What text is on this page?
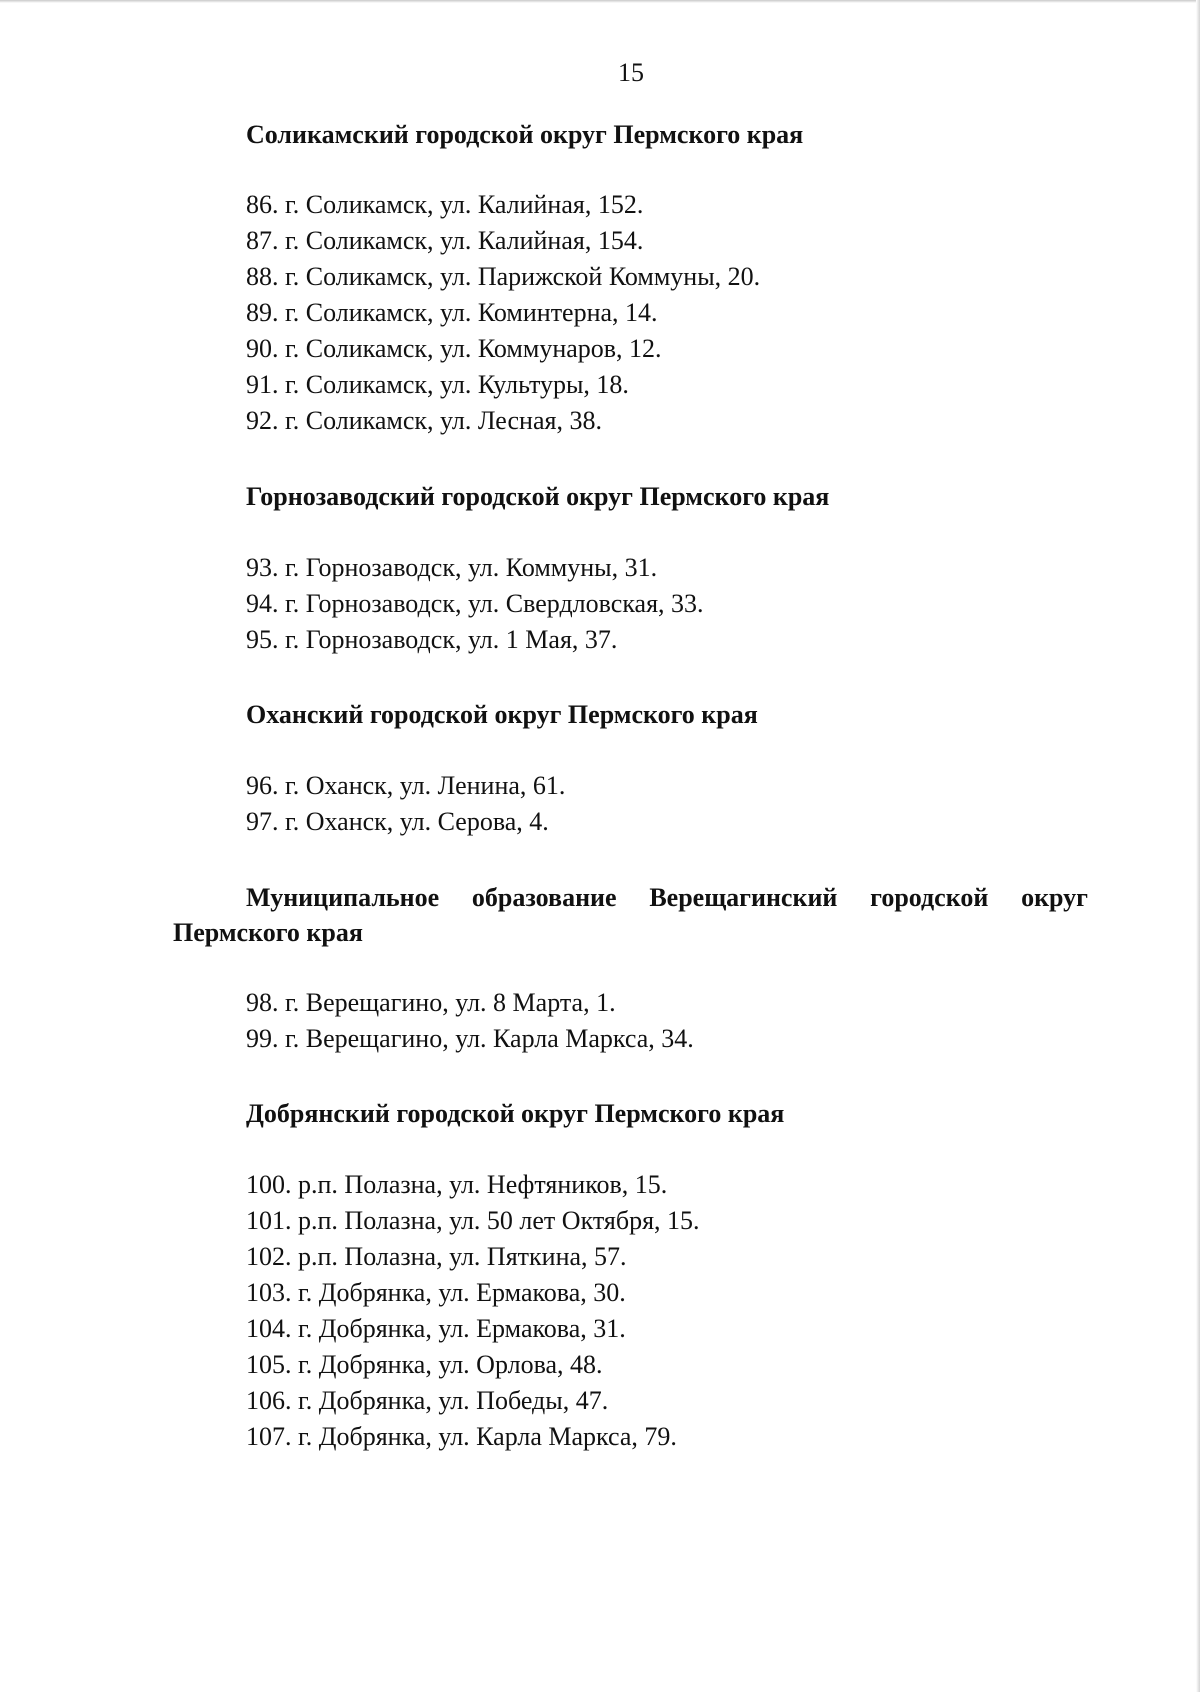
15
Соликамский городской округ Пермского края
86. г. Соликамск, ул. Калийная, 152.
87. г. Соликамск, ул. Калийная, 154.
88. г. Соликамск, ул. Парижской Коммуны, 20.
89. г. Соликамск, ул. Коминтерна, 14.
90. г. Соликамск, ул. Коммунаров, 12.
91. г. Соликамск, ул. Культуры, 18.
92. г. Соликамск, ул. Лесная, 38.
Горнозаводский городской округ Пермского края
93. г. Горнозаводск, ул. Коммуны, 31.
94. г. Горнозаводск, ул. Свердловская, 33.
95. г. Горнозаводск, ул. 1 Мая, 37.
Оханский городской округ Пермского края
96. г. Оханск, ул. Ленина, 61.
97. г. Оханск, ул. Серова, 4.
Муниципальное образование Верещагинский городской округ Пермского края
98. г. Верещагино, ул. 8 Марта, 1.
99. г. Верещагино, ул. Карла Маркса, 34.
Добрянский городской округ Пермского края
100. р.п. Полазна, ул. Нефтяников, 15.
101. р.п. Полазна, ул. 50 лет Октября, 15.
102. р.п. Полазна, ул. Пяткина, 57.
103. г. Добрянка, ул. Ермакова, 30.
104. г. Добрянка, ул. Ермакова, 31.
105. г. Добрянка, ул. Орлова, 48.
106. г. Добрянка, ул. Победы, 47.
107. г. Добрянка, ул. Карла Маркса, 79.
